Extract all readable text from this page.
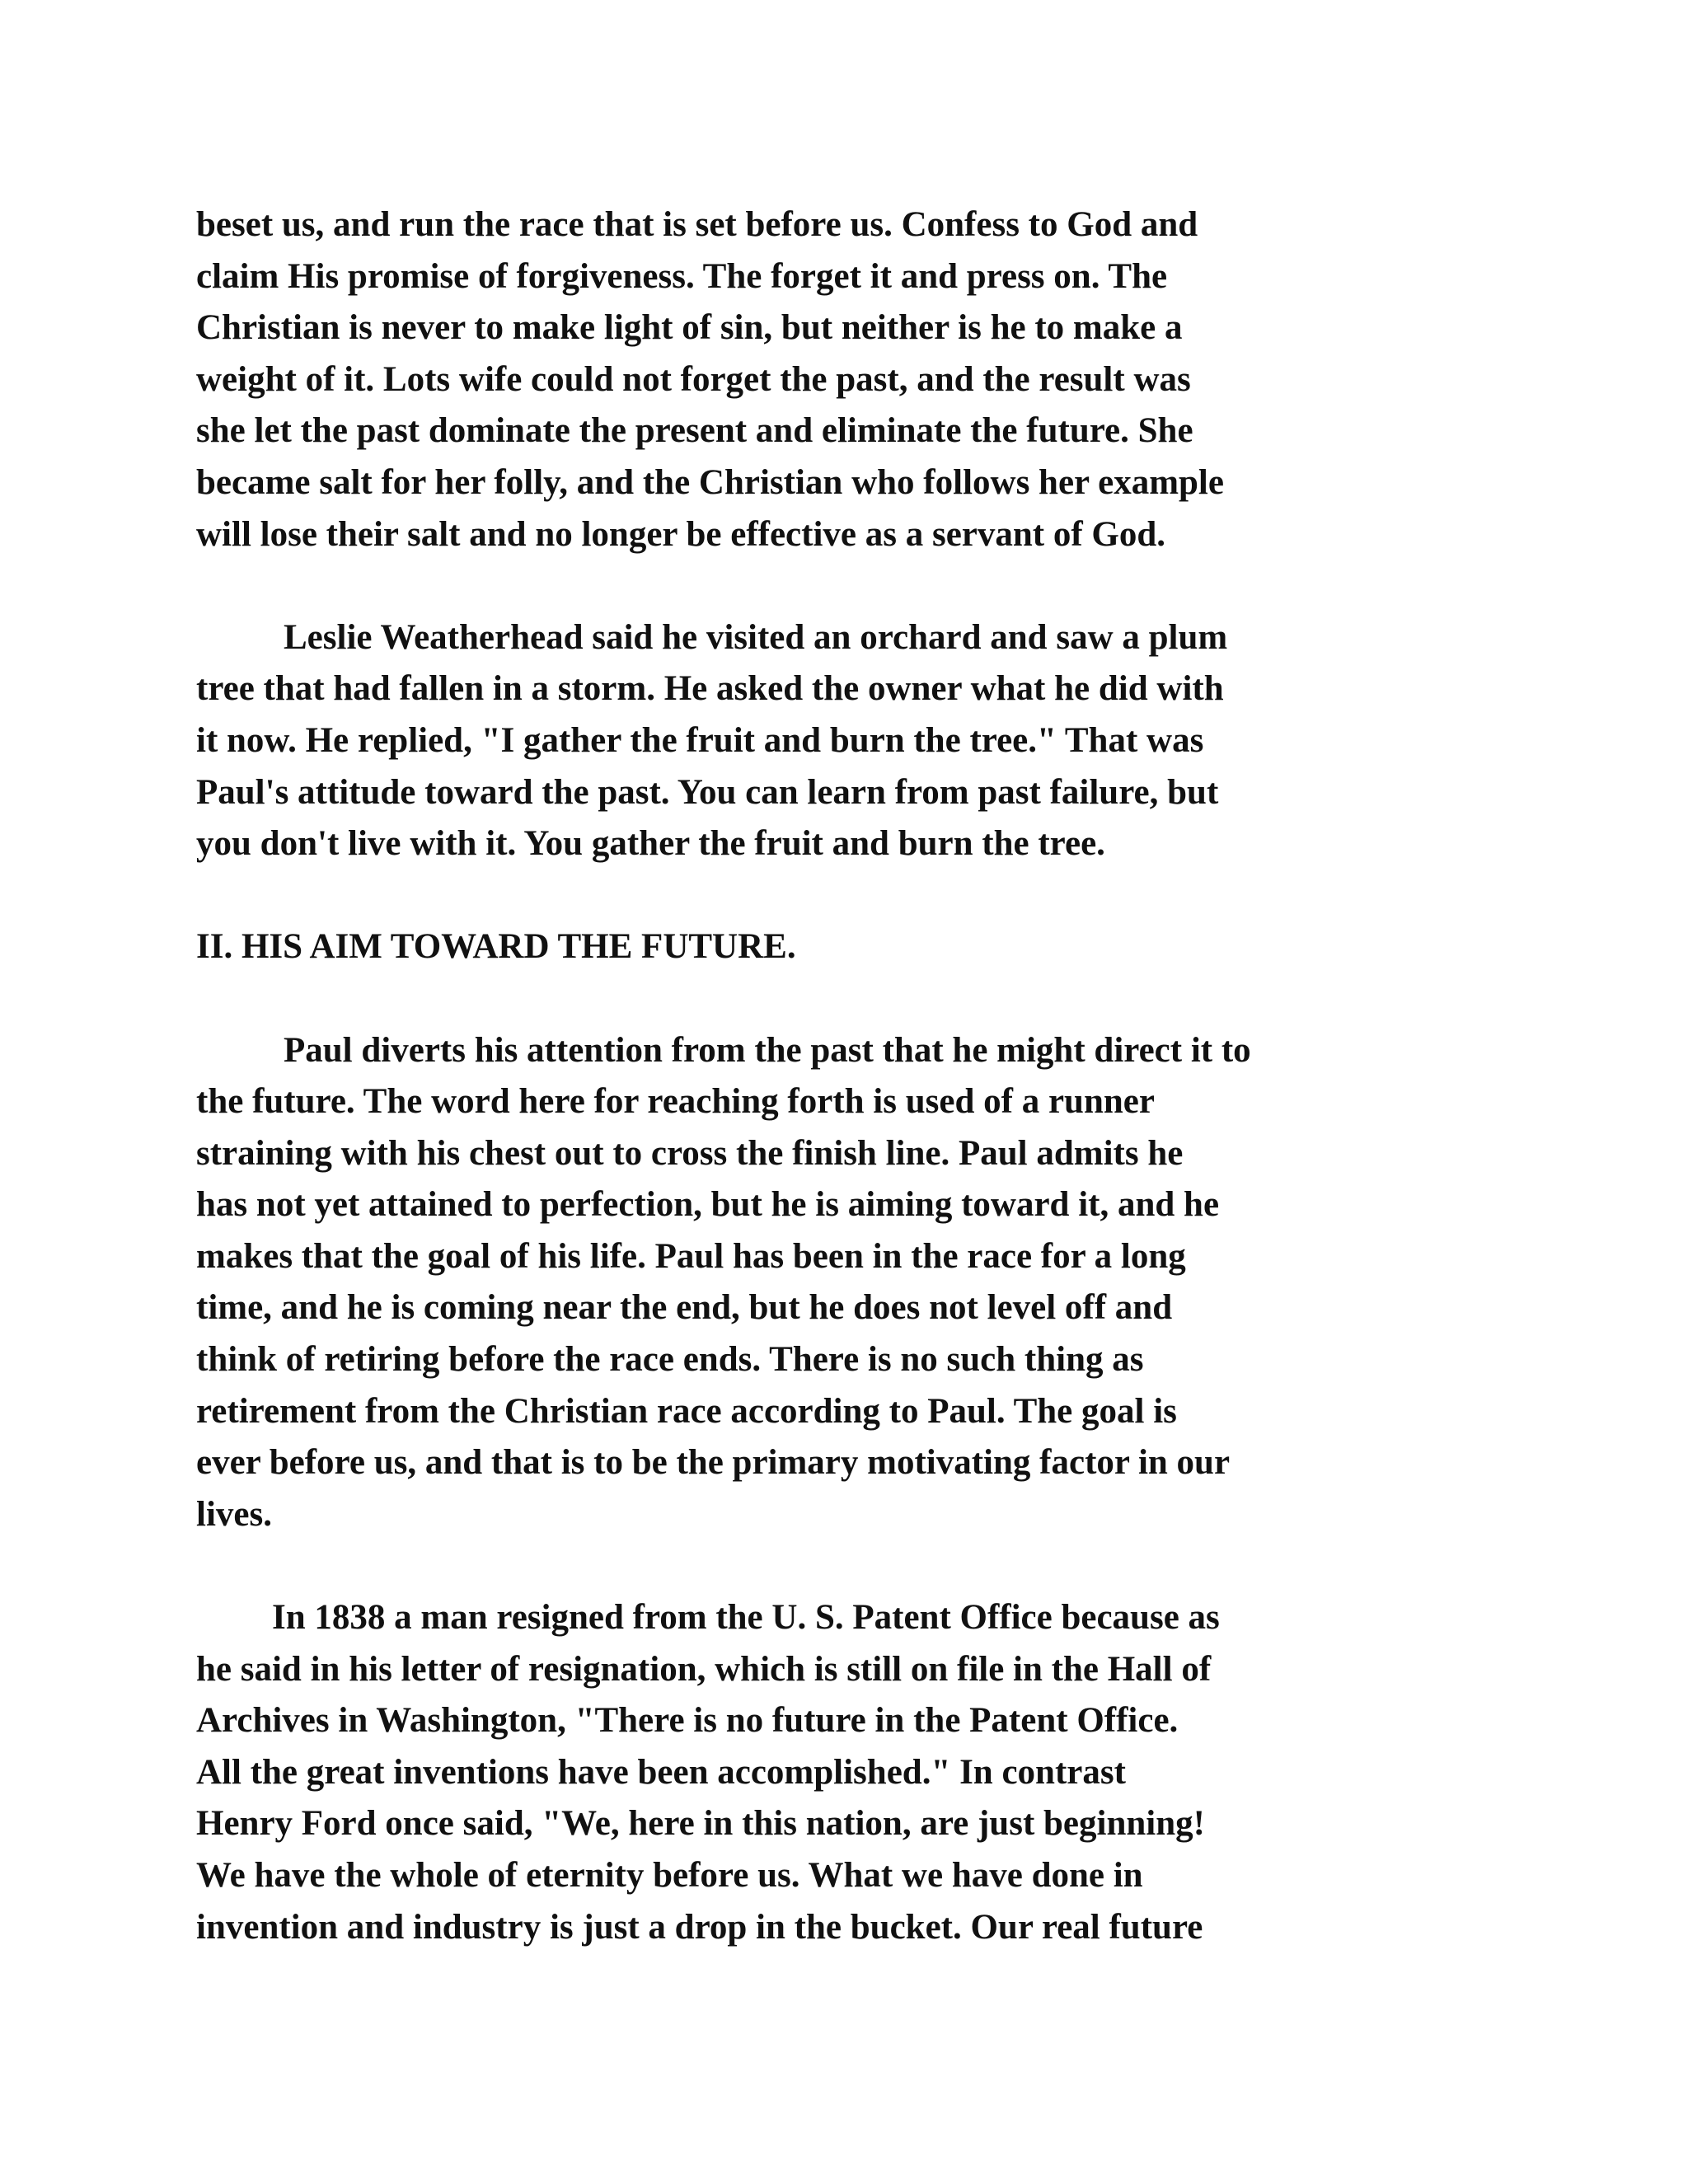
beset us, and run the race that is set before us. Confess to God and
claim His promise of forgiveness. The forget it and press on. The
Christian is never to make light of sin, but neither is he to make a
weight of it. Lots wife could not forget the past, and the result was
she let the past dominate the present and eliminate the future. She
became salt for her folly, and the Christian who follows her example
will lose their salt and no longer be effective as a servant of God.
Leslie Weatherhead said he visited an orchard and saw a plum
tree that had fallen in a storm. He asked the owner what he did with
it now. He replied, "I gather the fruit and burn the tree." That was
Paul's attitude toward the past. You can learn from past failure, but
you don't live with it. You gather the fruit and burn the tree.
II. HIS AIM TOWARD THE FUTURE.
Paul diverts his attention from the past that he might direct it to
the future. The word here for reaching forth is used of a runner
straining with his chest out to cross the finish line. Paul admits he
has not yet attained to perfection, but he is aiming toward it, and he
makes that the goal of his life. Paul has been in the race for a long
time, and he is coming near the end, but he does not level off and
think of retiring before the race ends. There is no such thing as
retirement from the Christian race according to Paul. The goal is
ever before us, and that is to be the primary motivating factor in our
lives.
In 1838 a man resigned from the U. S. Patent Office because as
he said in his letter of resignation, which is still on file in the Hall of
Archives in Washington, "There is no future in the Patent Office.
All the great inventions have been accomplished." In contrast
Henry Ford once said, "We, here in this nation, are just beginning!
We have the whole of eternity before us. What we have done in
invention and industry is just a drop in the bucket. Our real future
